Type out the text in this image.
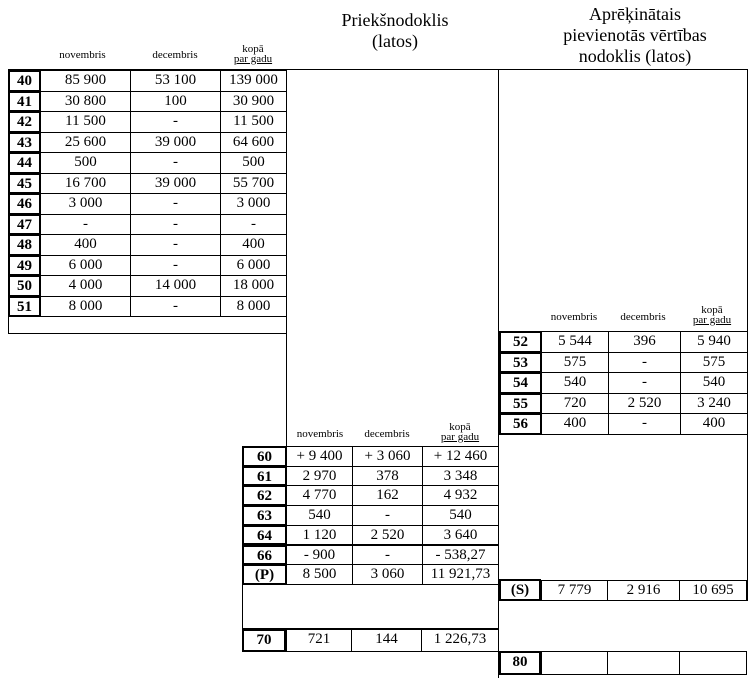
Priekšnodoklis
(latos)
Aprēķinātais
pievienotās vērtības
nodoklis (latos)
novembris	decembris	kopā
par gadu
novembris	decembris
kopā
par gadu
novembris	decembris
kopā
par gadu
40	85 900	53 100	139 000
41	30 800	100	30 900
42	11 500	-	11 500
43	25 600	39 000	64 600
44	500	-	500
45	16 700	39 000	55 700
46	3 000	-	3 000
47	-	-	-
48	400	-	400
49	6 000	-	6 000
50	4 000	14 000	18 000
51	8 000	-	8 000
52	5 544	396	5 940
53	575	-	575
54	540	-	540
55	720	2 520	3 240
56	400	-	400
60	+ 9 400	+ 3 060	+ 12 460
61	2 970	378	3 348
62	4 770	162	4 932
63	540	-	540
64	1 120	2 520	3 640
66	- 900	-	- 538,27
(P)	8 500	3 060	11 921,73
(S)	7 779	2 916	10 695
70	721	144	1 226,73
80
